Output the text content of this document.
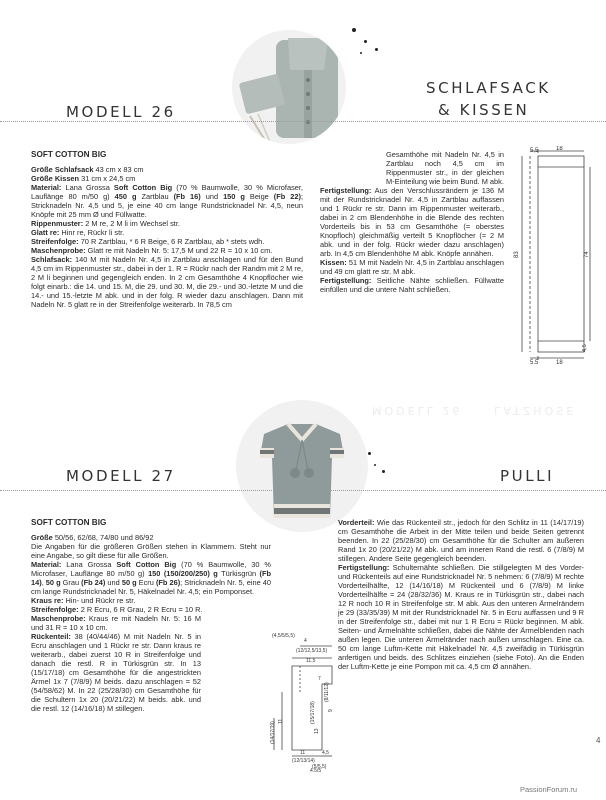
MODELL 26
SCHLAFSACK
& KISSEN

SOFT COTTON BIG

Größe Schlafsack 43 cm x 83 cm

Größe Kissen 31 cm x 24,5 cm

Material: Lana Grossa Soft Cotton Big (70 % Baumwolle, 30 % Microfaser, Lauflänge 80 m/50 g) 450 g Zartblau (Fb 16) und 150 g Beige (Fb 22); Stricknadeln Nr. 4,5 und 5, je eine 40 cm lange Rundstricknadel Nr. 4,5, neun Knöpfe mit 25 mm Ø und Füllwatte.

Rippenmuster: 2 M re, 2 M li im Wechsel str.

Glatt re: Hinr re, Rückr li str.

Streifenfolge: 70 R Zartblau, * 6 R Beige, 6 R Zartblau, ab * stets wdh.

Maschenprobe: Glatt re mit Nadeln Nr. 5: 17,5 M und 22 R = 10 x 10 cm.

Schlafsack: 140 M mit Nadeln Nr. 4,5 in Zartblau anschlagen und für den Bund 4,5 cm im Rippenmuster str., dabei in der 1. R = Rückr nach der Randm mit 2 M re, 2 M li beginnen und gegengleich enden. In 2 cm Gesamthöhe 4 Knopflöcher wie folgt einarb.: die 14. und 15. M, die 29. und 30. M, die 29.- und 30.-letzte M und die 14.- und 15.-letzte M abk. und in der folg. R wieder dazu anschlagen. Dann mit Nadeln Nr. 5 glatt re in der Streifenfolge weiterarb. In 78,5 cm

Gesamthöhe mit Nadeln Nr. 4,5 in Zartblau noch 4,5 cm im Rippenmuster str., in der gleichen M-Einteilung wie beim Bund. M abk.

Fertigstellung: Aus den Verschlussrändern je 136 M mit der Rundstricknadel Nr. 4,5 in Zartblau auffassen und 1 Rückr re str. Dann im Rippenmuster weiterarb., dabei in 2 cm Blendenhöhe in die Blende des rechten Vorderteils bis in 53 cm Gesamthöhe (= oberstes Knopfloch) gleichmäßig verteilt 5 Knopflöcher (= 2 M abk. und in der folg. Rückr wieder dazu anschlagen) arb. In 4,5 cm Blendenhöhe M abk. Knöpfe annähen.

Kissen: 51 M mit Nadeln Nr. 4,5 in Zartblau anschlagen und 49 cm glatt re str. M abk.

Fertigstellung: Seitliche Nähte schließen. Füllwatte einfüllen und die untere Naht schließen.

5,5	18
83	74
4,5
5,5	18
MODELL 26	LATZHOSE
MODELL 27	PULLI

SOFT COTTON BIG

Größe 50/56, 62/68, 74/80 und 86/92

Die Angaben für die größeren Größen stehen in Klammern. Steht nur eine Angabe, so gilt diese für alle Größen.

Material: Lana Grossa Soft Cotton Big (70 % Baumwolle, 30 % Microfaser, Lauflänge 80 m/50 g) 150 (150/200/250) g Türkisgrün (Fb 14), 50 g Grau (Fb 24) und 50 g Ecru (Fb 26); Stricknadeln Nr. 5, eine 40 cm lange Rundstricknadel Nr. 5, Häkelnadel Nr. 4,5; ein Pomponset.

Kraus re: Hin- und Rückr re str.

Streifenfolge: 2 R Ecru, 6 R Grau, 2 R Ecru = 10 R.

Maschenprobe: Kraus re mit Nadeln Nr. 5: 16 M und 31 R = 10 x 10 cm.

Rückenteil: 38 (40/44/46) M mit Nadeln Nr. 5 in Ecru anschlagen und 1 Rückr re str. Dann kraus re weiterarb., dabei zuerst 10 R in Streifenfolge und danach die restl. R in Türkisgrün str. In 13 (15/17/18) cm Gesamthöhe für die angestrickten Ärmel 1x 7 (7/8/9) M beids. dazu anschlagen = 52 (54/58/62) M. In 22 (25/28/30) cm Gesamthöhe für die Schultern 1x 20 (20/21/22) M beids. abk. und die restl. 12 (14/16/18) M stillegen.

(4,5/5/5,5)
4
(12/12,5/13,5)
11,5
7
(15/17/18)
13
(8/11/12)
9
(14/17/19) 11
11
(12/13/14)
4,5
(5/5,5)
4,5/5

Vorderteil: Wie das Rückenteil str., jedoch für den Schlitz in 11 (14/17/19) cm Gesamthöhe die Arbeit in der Mitte teilen und beide Seiten getrennt beenden. In 22 (25/28/30) cm Gesamthöhe für die Schulter am äußeren Rand 1x 20 (20/21/22) M abk. und am inneren Rand die restl. 6 (7/8/9) M stillegen. Andere Seite gegengleich beenden.

Fertigstellung: Schulternähte schließen. Die stillgelegten M des Vorder- und Rückenteils auf eine Rundstricknadel Nr. 5 nehmen: 6 (7/8/9) M rechte Vorderteilhälfte, 12 (14/16/18) M Rückenteil und 6 (7/8/9) M linke Vorderteilhälfte = 24 (28/32/36) M. Kraus re in Türkisgrün str., dabei nach 12 R noch 10 R in Streifenfolge str. M abk. Aus den unteren Ärmelrändern je 29 (33/35/39) M mit der Rundstricknadel Nr. 5 in Ecru auffassen und 9 R in der Streifenfolge str., dabei mit nur 1 R Ecru = Rückr beginnen. M abk. Seiten- und Ärmelnähte schließen, dabei die Nähte der Ärmelblenden nach außen legen. Die unteren Ärmelränder nach außen umschlagen. Eine ca. 50 cm lange Luftm-Kette mit Häkelnadel Nr. 4,5 zweifädig in Türkisgrün anfertigen und beids. des Schlitzes einziehen (siehe Foto). An die Enden der Luftm-Kette je eine Pompon mit ca. 4,5 cm Ø annähen.

4
PassionForum.ru
